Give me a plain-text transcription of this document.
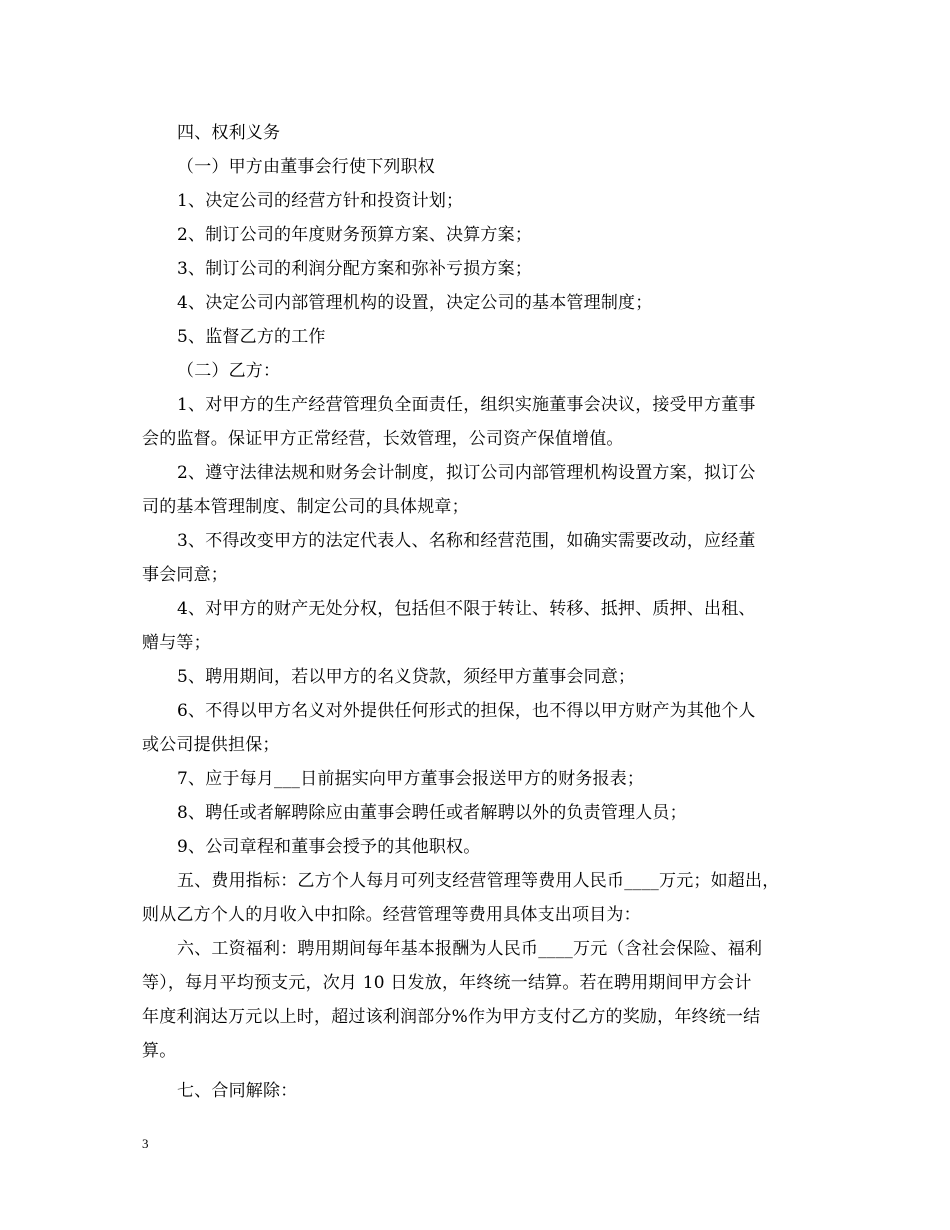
四、权利义务
（一）甲方由董事会行使下列职权
1、决定公司的经营方针和投资计划；
2、制订公司的年度财务预算方案、决算方案；
3、制订公司的利润分配方案和弥补亏损方案；
4、决定公司内部管理机构的设置，决定公司的基本管理制度；
5、监督乙方的工作
（二）乙方：
1、对甲方的生产经营管理负全面责任，组织实施董事会决议，接受甲方董事
会的监督。保证甲方正常经营，长效管理，公司资产保值增值。
2、遵守法律法规和财务会计制度，拟订公司内部管理机构设置方案，拟订公
司的基本管理制度、制定公司的具体规章；
3、不得改变甲方的法定代表人、名称和经营范围，如确实需要改动，应经董
事会同意；
4、对甲方的财产无处分权，包括但不限于转让、转移、抵押、质押、出租、
赠与等；
5、聘用期间，若以甲方的名义贷款，须经甲方董事会同意；
6、不得以甲方名义对外提供任何形式的担保，也不得以甲方财产为其他个人
或公司提供担保；
7、应于每月___日前据实向甲方董事会报送甲方的财务报表；
8、聘任或者解聘除应由董事会聘任或者解聘以外的负责管理人员；
9、公司章程和董事会授予的其他职权。
五、费用指标：乙方个人每月可列支经营管理等费用人民币____万元；如超出，
则从乙方个人的月收入中扣除。经营管理等费用具体支出项目为：
六、工资福利：聘用期间每年基本报酬为人民币____万元（含社会保险、福利
等），每月平均预支元，次月 10 日发放，年终统一结算。若在聘用期间甲方会计
年度利润达万元以上时，超过该利润部分%作为甲方支付乙方的奖励，年终统一结
算。
七、合同解除：
3
